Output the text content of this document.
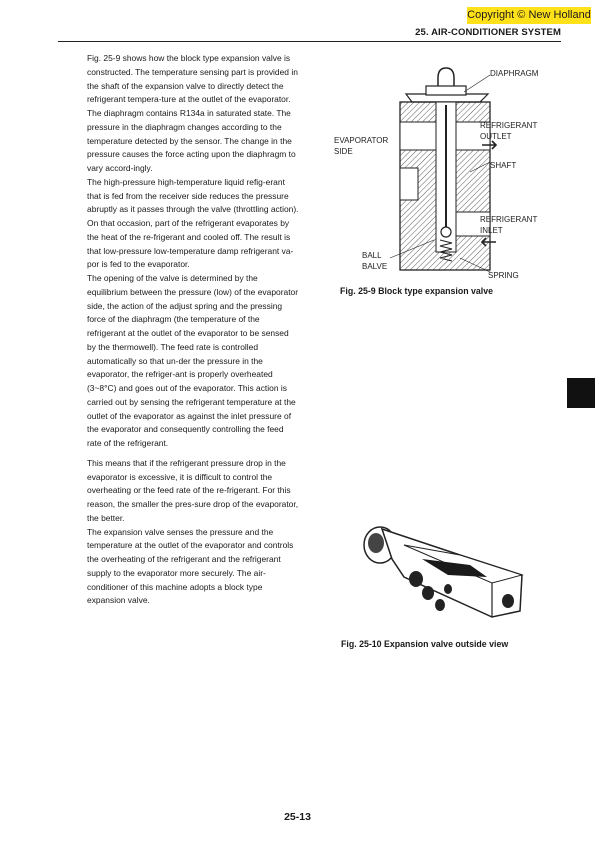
Copyright © New Holland
25. AIR-CONDITIONER SYSTEM

Fig. 25-9 shows how the block type expansion valve is constructed. The temperature sensing part is provided in the shaft of the expansion valve to directly detect the refrigerant tempera-ture at the outlet of the evaporator.

The diaphragm contains R134a in saturated state. The pressure in the diaphragm changes according to the temperature detected by the sensor. The change in the pressure causes the force acting upon the diaphragm to vary accord-ingly.

The high-pressure high-temperature liquid refig-erant that is fed from the receiver side reduces the pressure abruptly as it passes through the valve (throttling action). On that occasion, part of the refrigerant evaporates by the heat of the re-frigerant and cooled off. The result is that low-pressure low-temperature damp refrigerant va-por is fed to the evaporator.

The opening of the valve is determined by the equilibrium between the pressure (low) of the evaporator side, the action of the adjust spring and the pressing force of the diaphragm (the temperature of the refrigerant at the outlet of the evaporator to be sensed by the thermowell). The feed rate is controlled automatically so that un-der the pressure in the evaporator, the refriger-ant is properly overheated (3~8°C) and goes out of the evaporator. This action is carried out by sensing the refrigerant temperature at the outlet of the evaporator as against the inlet pressure of the evaporator and consequently controlling the feed rate of the refrigerant.

This means that if the refrigerant pressure drop in the evaporator is excessive, it is difficult to control the overheating or the feed rate of the re-frigerant. For this reason, the smaller the pres-sure drop of the evaporator, the better.

The expansion valve senses the pressure and the temperature at the outlet of the evaporator and controls the overheating of the refrigerant and the refrigerant supply to the evaporator more securely. The air-conditioner of this machine adopts a block type expansion valve.

DIAPHRAGM
REFRIGERANT
OUTLET
EVAPORATOR
SIDE
SHAFT
REFRIGERANT
INLET
BALL
BALVE
SPRING
Fig. 25-9 Block type expansion valve
Fig. 25-10 Expansion valve outside view
25-13
